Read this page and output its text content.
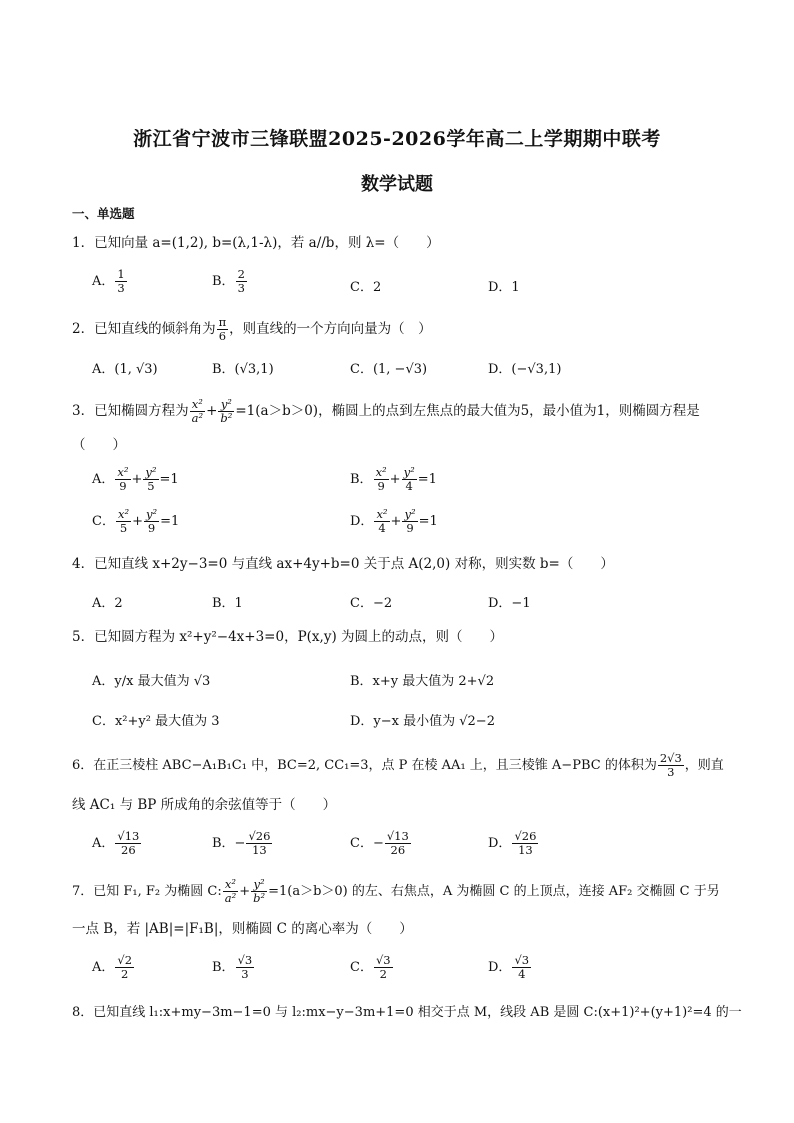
浙江省宁波市三锋联盟2025-2026学年高二上学期期中联考
数学试题
一、单选题
1．已知向量 a=(1,2), b=(λ,1-λ)，若 a//b，则 λ=（　　）
A． $\frac{1}{3}$	B． $\frac{2}{3}$	C．2	D．1
2．已知直线的倾斜角为 $\frac{\pi}{6}$ ，则直线的一个方向向量为（　）
A．(1, √3)	B．(√3,1)	C．(1, −√3)	D．(−√3,1)
3．已知椭圆方程为 $\frac{\text{x²}}{\text{a²}} + \frac{\text{y²}}{\text{b²}} =1(a>b>0)$，椭圆上的点到左焦点的最大值为5，最小值为1，则椭圆方程是
（　　）
A． $\frac{\text{x²}}{9} + \frac{\text{y²}}{5} =1$	B． $\frac{\text{x²}}{9} + \frac{\text{y²}}{4} =1$
C． $\frac{\text{x²}}{5} + \frac{\text{y²}}{9} =1$	D． $\frac{\text{x²}}{4} + \frac{\text{y²}}{9} =1$
4．已知直线 x+2y−3=0 与直线 ax+4y+b=0 关于点 A(2,0) 对称，则实数 b=（　　）
A．2	B．1	C．−2	D．−1
5．已知圆方程为 x²+y²−4x+3=0，P(x,y) 为圆上的动点，则（　　）
A．y/x 最大值为 √3	B．x+y 最大值为 2+√2
C．x²+y² 最大值为 3	D．y−x 最小值为 √2−2
6．在正三棱柱 ABC−A₁B₁C₁ 中，BC=2, CC₁=3，点 P 在棱 AA₁ 上，且三棱锥 A−PBC 的体积为 $\frac{2√3}{3}$ ，则直
线 AC₁ 与 BP 所成角的余弦值等于（　　）
A． $\frac{√13}{26}$	B．− $\frac{√26}{13}$	C．− $\frac{√13}{26}$	D． $\frac{√26}{13}$
7．已知 F₁, F₂ 为椭圆 C: $\frac{\text{x²}}{\text{a²}} + \frac{\text{y²}}{\text{b²}} =1(a>b>0)$ 的左、右焦点，A 为椭圆 C 的上顶点，连接 AF₂ 交椭圆 C 于另
一点 B，若 |AB|=|F₁B|，则椭圆 C 的离心率为（　　）
A． $\frac{√2}{2}$	B． $\frac{√3}{3}$	C． $\frac{√3}{2}$	D． $\frac{√3}{4}$
8．已知直线 l₁:x+my−3m−1=0 与 l₂:mx−y−3m+1=0 相交于点 M，线段 AB 是圆 C:(x+1)²+(y+1)²=4 的一
